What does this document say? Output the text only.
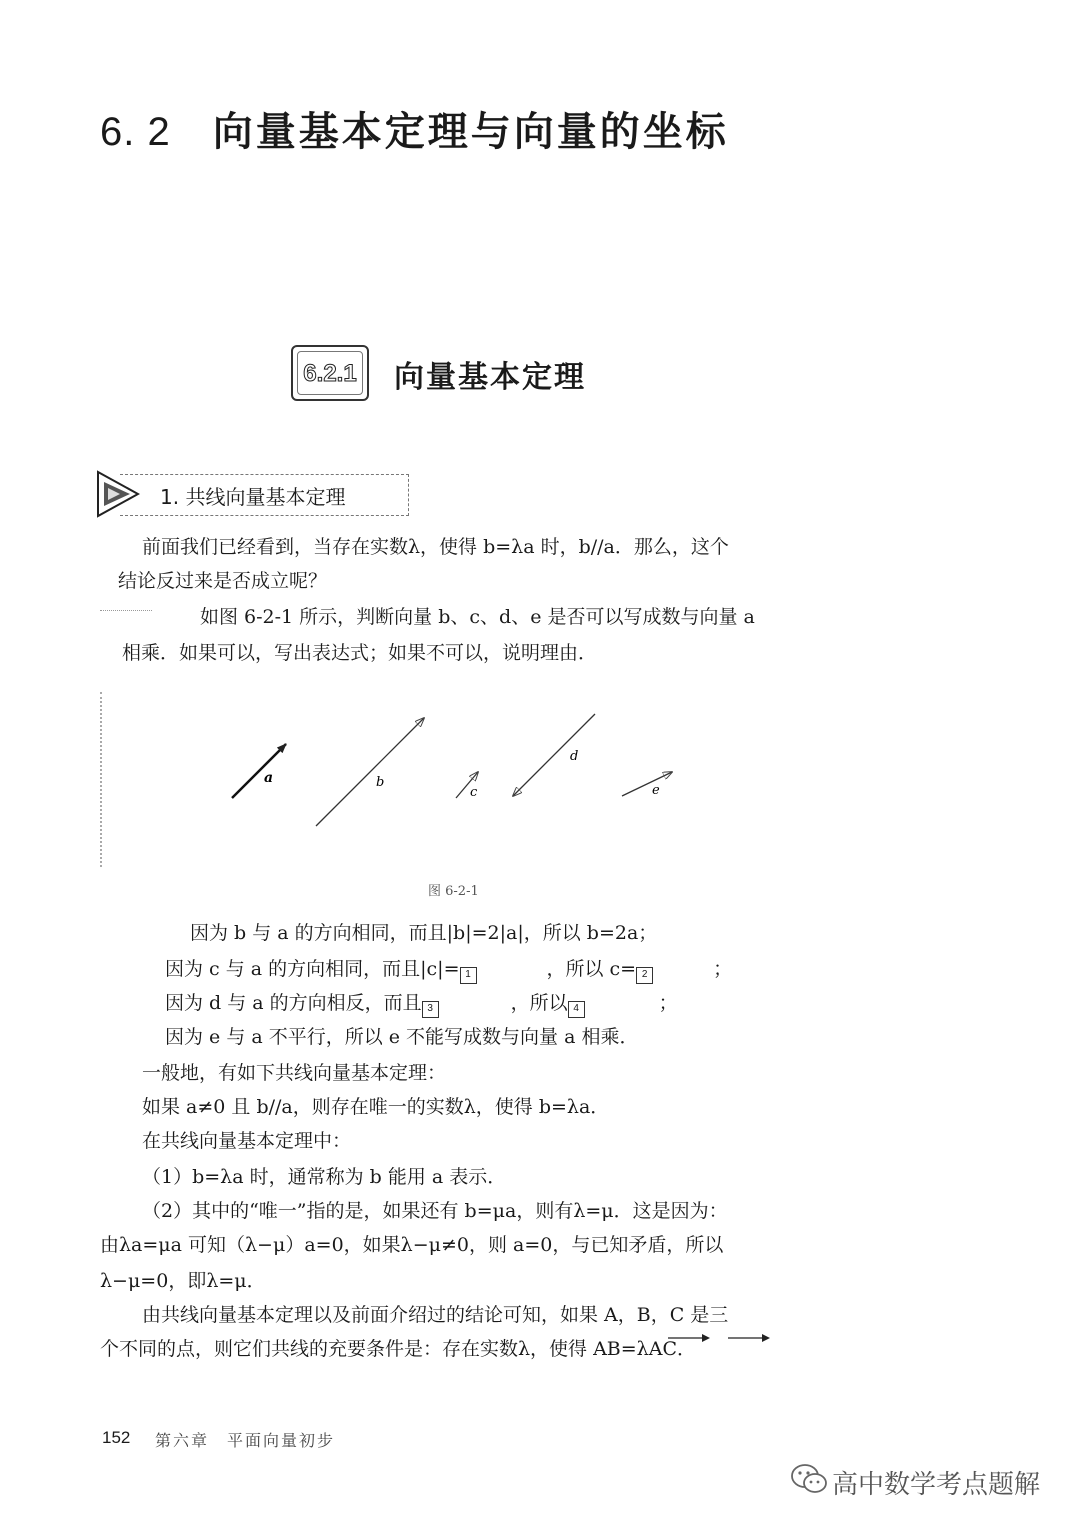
6. 2 向量基本定理与向量的坐标
6.2.1 向量基本定理
1. 共线向量基本定理
前面我们已经看到，当存在实数λ，使得 b=λa 时，b//a．那么，这个
结论反过来是否成立呢？
如图 6-2-1 所示，判断向量 b、c、d、e 是否可以写成数与向量 a
相乘．如果可以，写出表达式；如果不可以，说明理由．
a	b
c
d
e
图 6-2-1
因为 b 与 a 的方向相同，而且|b|=2|a|，所以 b=2a；
因为 c 与 a 的方向相同，而且|c|= 1	，所以 c= 2	；
因为 d 与 a 的方向相反，而且 3	，所以 4	；
因为 e 与 a 不平行，所以 e 不能写成数与向量 a 相乘．
一般地，有如下共线向量基本定理：
如果 a≠0 且 b//a，则存在唯一的实数λ，使得 b=λa．
在共线向量基本定理中：
（1）b=λa 时，通常称为 b 能用 a 表示．
（2）其中的“唯一”指的是，如果还有 b=μa，则有λ=μ．这是因为：
由λa=μa 可知（λ−μ）a=0，如果λ−μ≠0，则 a=0，与已知矛盾，所以
λ−μ=0，即λ=μ．
由共线向量基本定理以及前面介绍过的结论可知，如果 A，B，C 是三
个不同的点，则它们共线的充要条件是：存在实数λ，使得 AB=λAC．
152 第六章　平面向量初步
高中数学考点题解
